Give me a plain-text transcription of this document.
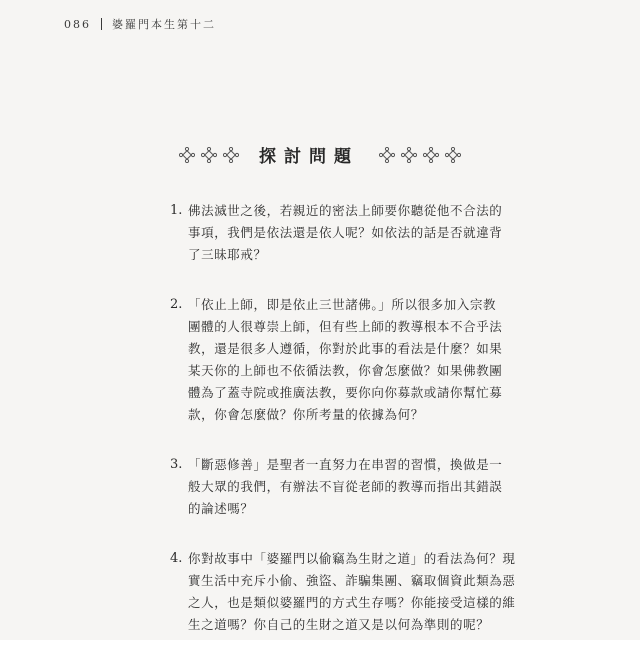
086 婆羅門本生第十二
探討問題
1. 佛法滅世之後，若親近的密法上師要你聽從他不合法的
事項，我們是依法還是依人呢？如依法的話是否就違背
了三昧耶戒？
2. 「依止上師，即是依止三世諸佛。」所以很多加入宗教
團體的人很尊崇上師，但有些上師的教導根本不合乎法
教，還是很多人遵循，你對於此事的看法是什麼？如果
某天你的上師也不依循法教，你會怎麼做？如果佛教團
體為了蓋寺院或推廣法教，要你向你募款或請你幫忙募
款，你會怎麼做？你所考量的依據為何？
3. 「斷惡修善」是聖者一直努力在串習的習慣，換做是一
般大眾的我們，有辦法不盲從老師的教導而指出其錯誤
的論述嗎？
4. 你對故事中「婆羅門以偷竊為生財之道」的看法為何？現
實生活中充斥小偷、強盜、詐騙集團、竊取個資此類為惡
之人，也是類似婆羅門的方式生存嗎？你能接受這樣的維
生之道嗎？你自己的生財之道又是以何為準則的呢？
